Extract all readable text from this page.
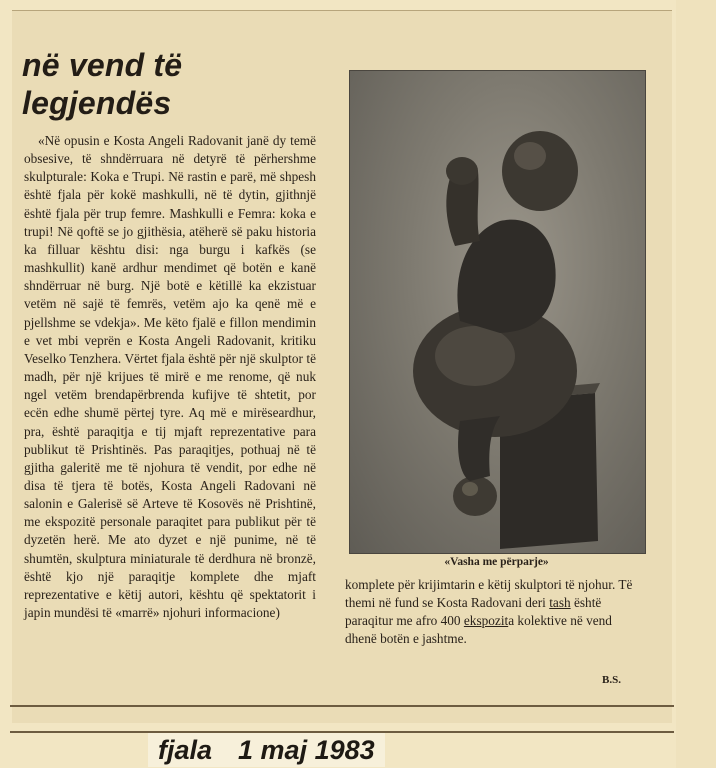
në vend të
legjendës

«Në opusin e Kosta Angeli Radovanit janë dy temë obsesive, të shndërruara në detyrë të përhershme skulpturale: Koka e Trupi. Në rastin e parë, më shpesh është fjala për kokë mashkulli, në të dytin, gjithnjë është fjala për trup femre. Mashkulli e Femra: koka e trupi! Në qoftë se jo gjithësia, atëherë së paku historia ka filluar kështu disi: nga burgu i kafkës (se mashkullit) kanë ardhur mendimet që botën e kanë shndërruar në burg. Një botë e këtillë ka ekzistuar vetëm në sajë të femrës, vetëm ajo ka qenë më e pjellshme se vdekja». Me këto fjalë e fillon mendimin e vet mbi veprën e Kosta Angeli Radovanit, kritiku Veselko Tenzhera. Vërtet fjala është për një skulptor të madh, për një krijues të mirë e me renome, që nuk ngel vetëm brendapërbrenda kufijve të shtetit, por ecën edhe shumë përtej tyre. Aq më e mirëseardhur, pra, është paraqitja e tij mjaft reprezentative para publikut të Prishtinës. Pas paraqitjes, pothuaj në të gjitha galeritë me të njohura të vendit, por edhe në disa të tjera të botës, Kosta Angeli Radovani në salonin e Galerisë së Arteve të Kosovës në Prishtinë, me ekspozitë personale paraqitet para publikut për të dyzetën herë. Me ato dyzet e një punime, në të shumtën, skulptura miniaturale të derdhura në bronzë, është kjo një paraqitje komplete dhe mjaft reprezentative e këtij autori, kështu që spektatorit i japin mundësi të «marrë» njohuri informacione)

«Vasha me përparje»

komplete për krijimtarin e këtij skulptori të njohur. Të themi në fund se Kosta Radovani deri tash është paraqitur me afro 400 ekspozita kolektive në vend dhenë botën e jashtme.

B.S.

fjala 1 maj 1983
